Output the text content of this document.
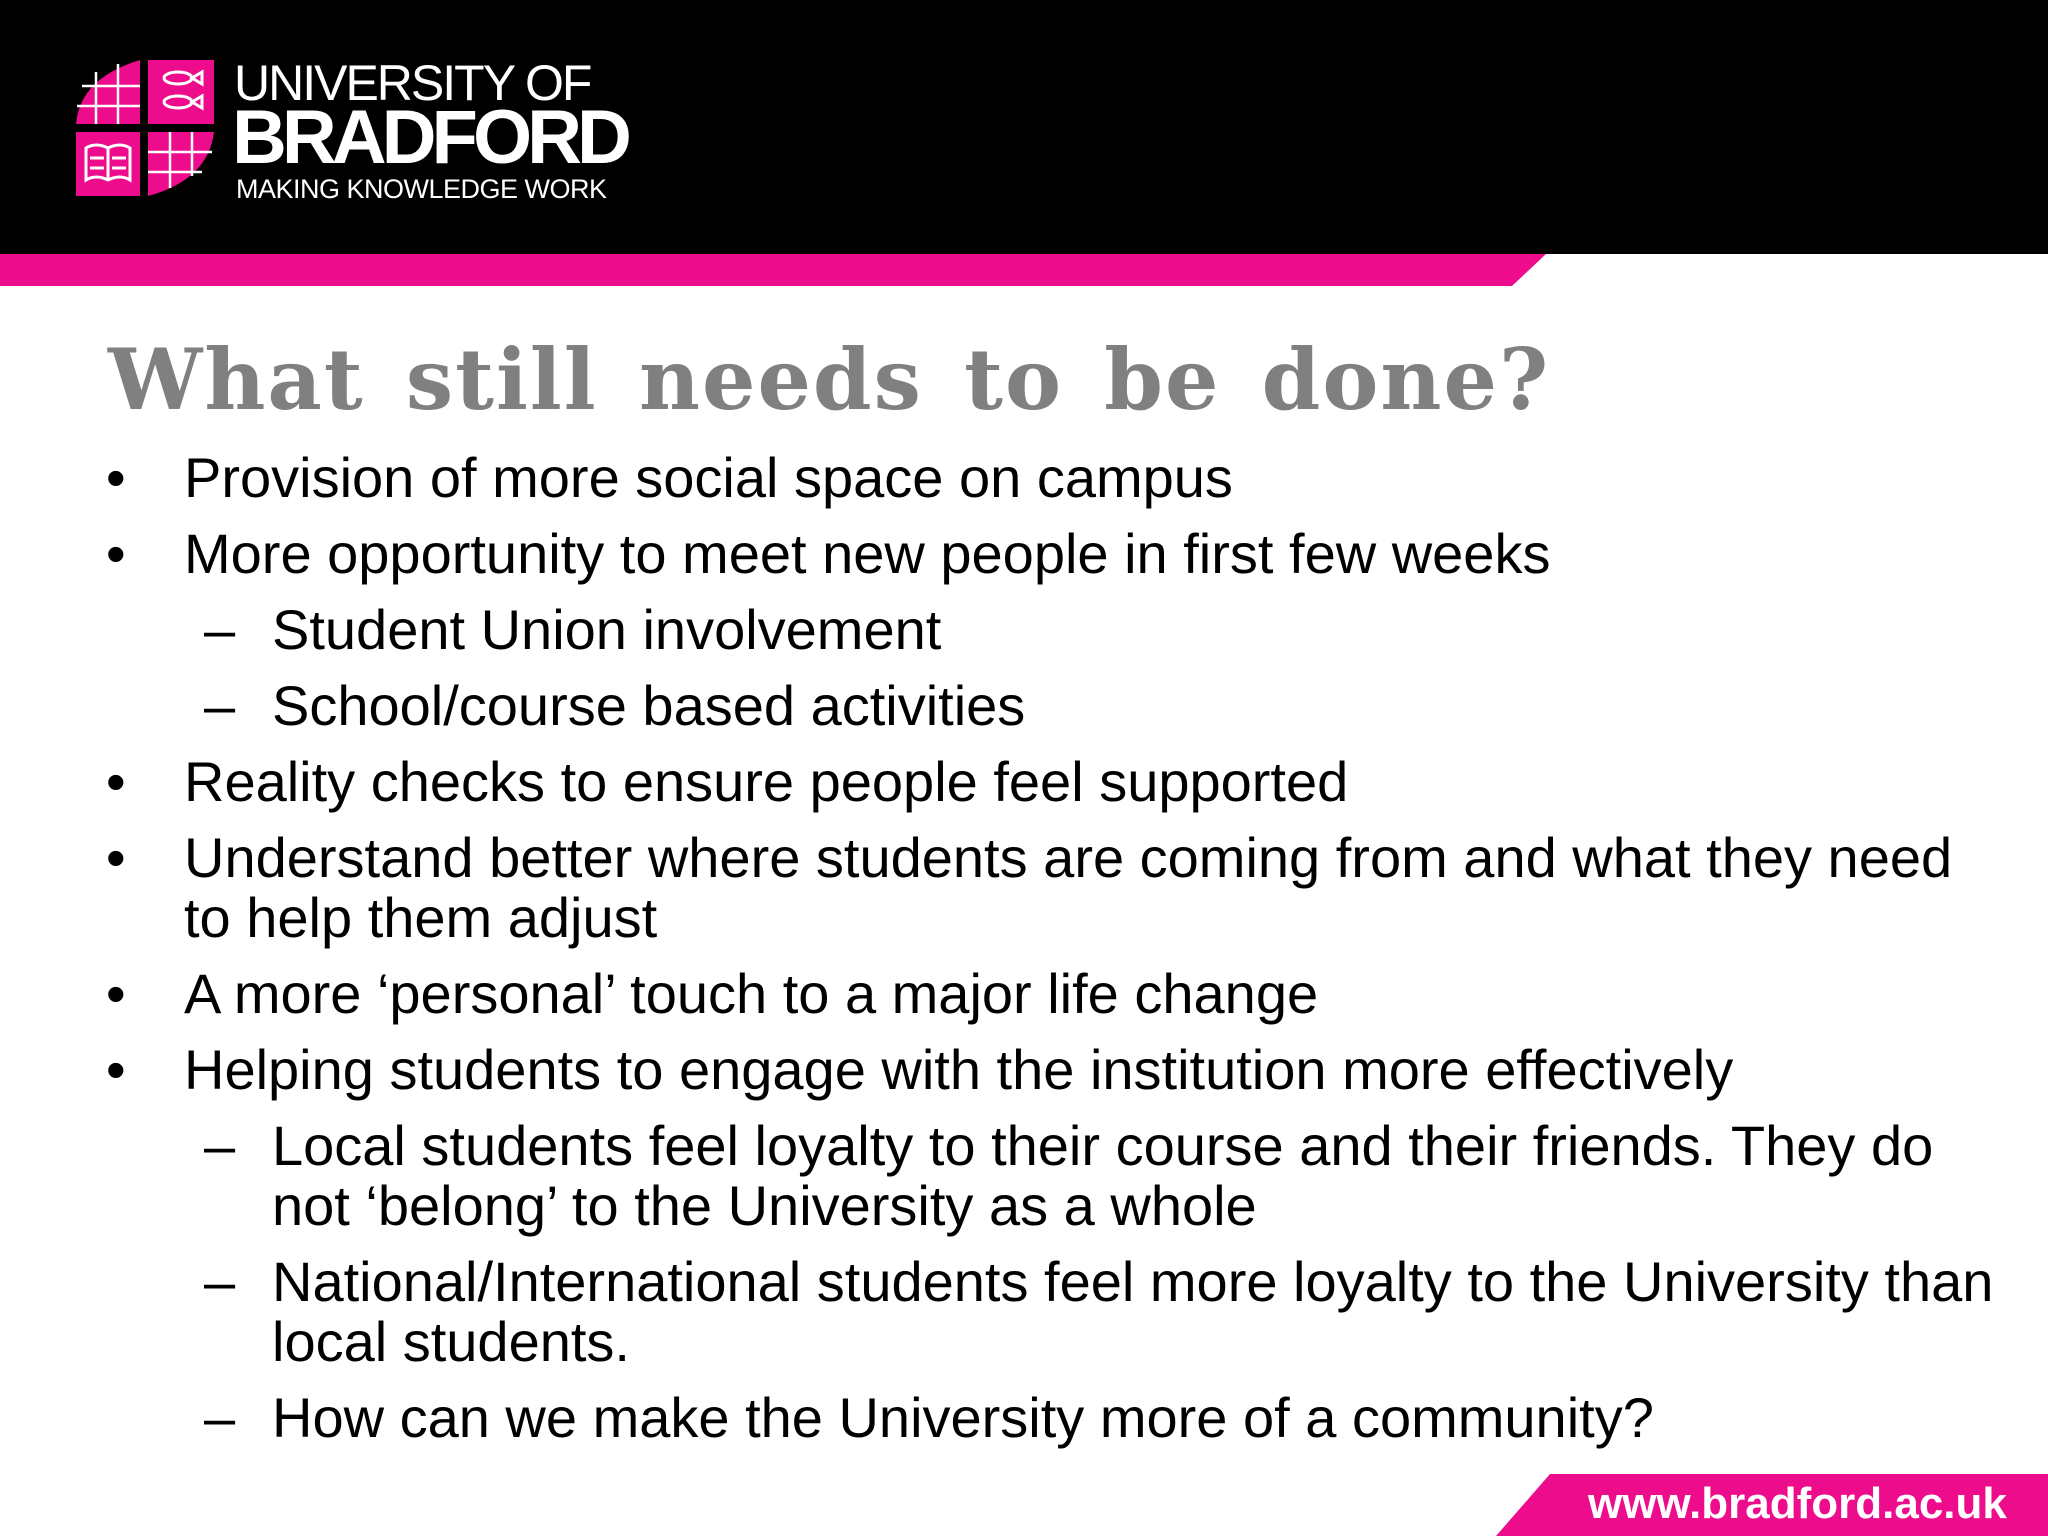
UNIVERSITY OF
BRADFORD
MAKING KNOWLEDGE WORK
What still needs to be done?
• Provision of more social space on campus
• More opportunity to meet new people in first few weeks
– Student Union involvement
– School/course based activities
• Reality checks to ensure people feel supported
• Understand better where students are coming from and what they need to help them adjust
• A more ‘personal’ touch to a major life change
• Helping students to engage with the institution more effectively
– Local students feel loyalty to their course and their friends. They do not ‘belong’ to the University as a whole
– National/International students feel more loyalty to the University than local students.
– How can we make the University more of a community?
www.bradford.ac.uk
